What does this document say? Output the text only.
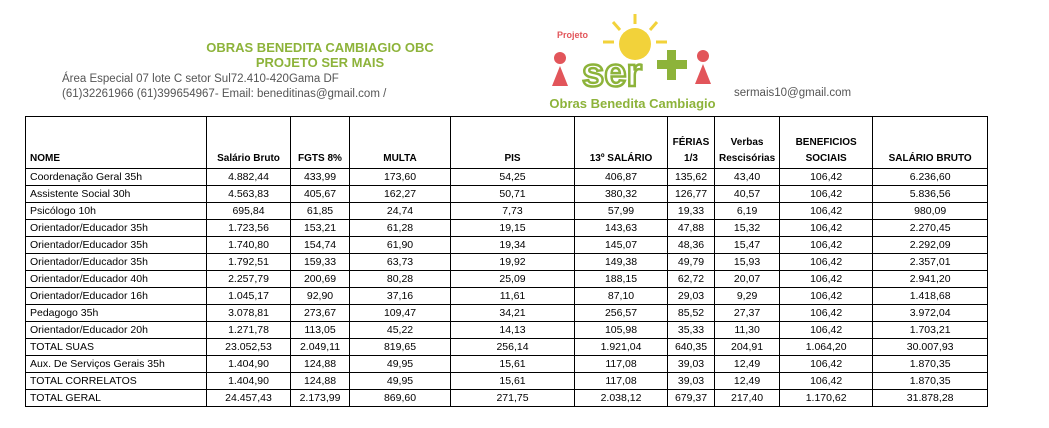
OBRAS BENEDITA CAMBIAGIO OBC
PROJETO SER MAIS
Área Especial 07 lote C setor Sul72.410-420Gama DF
(61)32261966 (61)399654967- Email: beneditinas@gmail.com /	sermais10@gmail.com
ser
Projeto
Obras Benedita Cambiagio
NOME	Salário Bruto	FGTS 8%	MULTA	PIS	13º SALÁRIO	FÉRIAS 1/3	Verbas Rescisórias	BENEFICIOS SOCIAIS	SALÁRIO BRUTO
Coordenação Geral 35h	4.882,44	433,99	173,60	54,25	406,87	135,62	43,40	106,42	6.236,60
Assistente Social 30h	4.563,83	405,67	162,27	50,71	380,32	126,77	40,57	106,42	5.836,56
Psicólogo 10h	695,84	61,85	24,74	7,73	57,99	19,33	6,19	106,42	980,09
Orientador/Educador 35h	1.723,56	153,21	61,28	19,15	143,63	47,88	15,32	106,42	2.270,45
Orientador/Educador 35h	1.740,80	154,74	61,90	19,34	145,07	48,36	15,47	106,42	2.292,09
Orientador/Educador 35h	1.792,51	159,33	63,73	19,92	149,38	49,79	15,93	106,42	2.357,01
Orientador/Educador 40h	2.257,79	200,69	80,28	25,09	188,15	62,72	20,07	106,42	2.941,20
Orientador/Educador 16h	1.045,17	92,90	37,16	11,61	87,10	29,03	9,29	106,42	1.418,68
Pedagogo 35h	3.078,81	273,67	109,47	34,21	256,57	85,52	27,37	106,42	3.972,04
Orientador/Educador 20h	1.271,78	113,05	45,22	14,13	105,98	35,33	11,30	106,42	1.703,21
TOTAL SUAS	23.052,53	2.049,11	819,65	256,14	1.921,04	640,35	204,91	1.064,20	30.007,93
Aux. De Serviços Gerais 35h	1.404,90	124,88	49,95	15,61	117,08	39,03	12,49	106,42	1.870,35
TOTAL CORRELATOS	1.404,90	124,88	49,95	15,61	117,08	39,03	12,49	106,42	1.870,35
TOTAL GERAL	24.457,43	2.173,99	869,60	271,75	2.038,12	679,37	217,40	1.170,62	31.878,28
